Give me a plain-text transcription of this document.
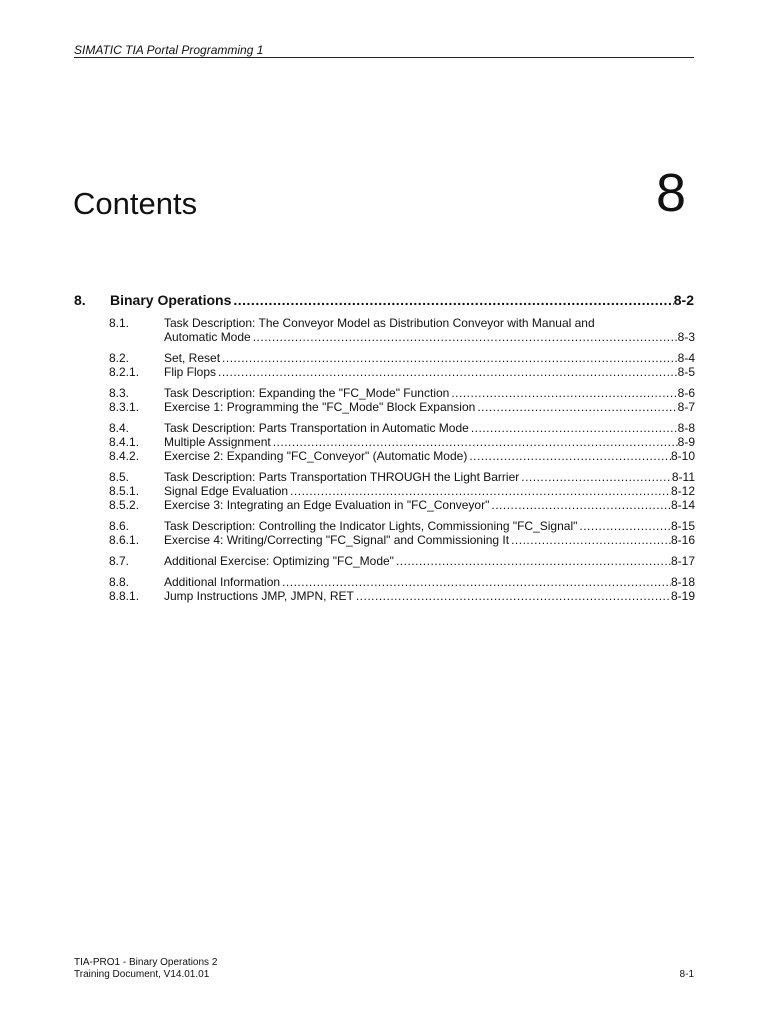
SIMATIC TIA Portal Programming 1
Contents	8
8. Binary Operations .....	8-2
8.1.	Task Description: The Conveyor Model as Distribution Conveyor with Manual and
Automatic Mode .....	8-3
8.2.	Set, Reset .....	8-4
8.2.1.	Flip Flops .....	8-5
8.3.	Task Description: Expanding the "FC_Mode" Function .....	8-6
8.3.1.	Exercise 1: Programming the "FC_Mode" Block Expansion .....	8-7
8.4.	Task Description: Parts Transportation in Automatic Mode .....	8-8
8.4.1.	Multiple Assignment .....	8-9
8.4.2.	Exercise 2: Expanding "FC_Conveyor" (Automatic Mode) .....	8-10
8.5.	Task Description: Parts Transportation THROUGH the Light Barrier .....	8-11
8.5.1.	Signal Edge Evaluation .....	8-12
8.5.2.	Exercise 3: Integrating an Edge Evaluation in "FC_Conveyor" .....	8-14
8.6.	Task Description: Controlling the Indicator Lights, Commissioning "FC_Signal" .....	8-15
8.6.1.	Exercise 4: Writing/Correcting "FC_Signal" and Commissioning It .....	8-16
8.7.	Additional Exercise: Optimizing "FC_Mode" .....	8-17
8.8.	Additional Information .....	8-18
8.8.1.	Jump Instructions JMP, JMPN, RET .....	8-19
TIA-PRO1 - Binary Operations 2
Training Document, V14.01.01	8-1
